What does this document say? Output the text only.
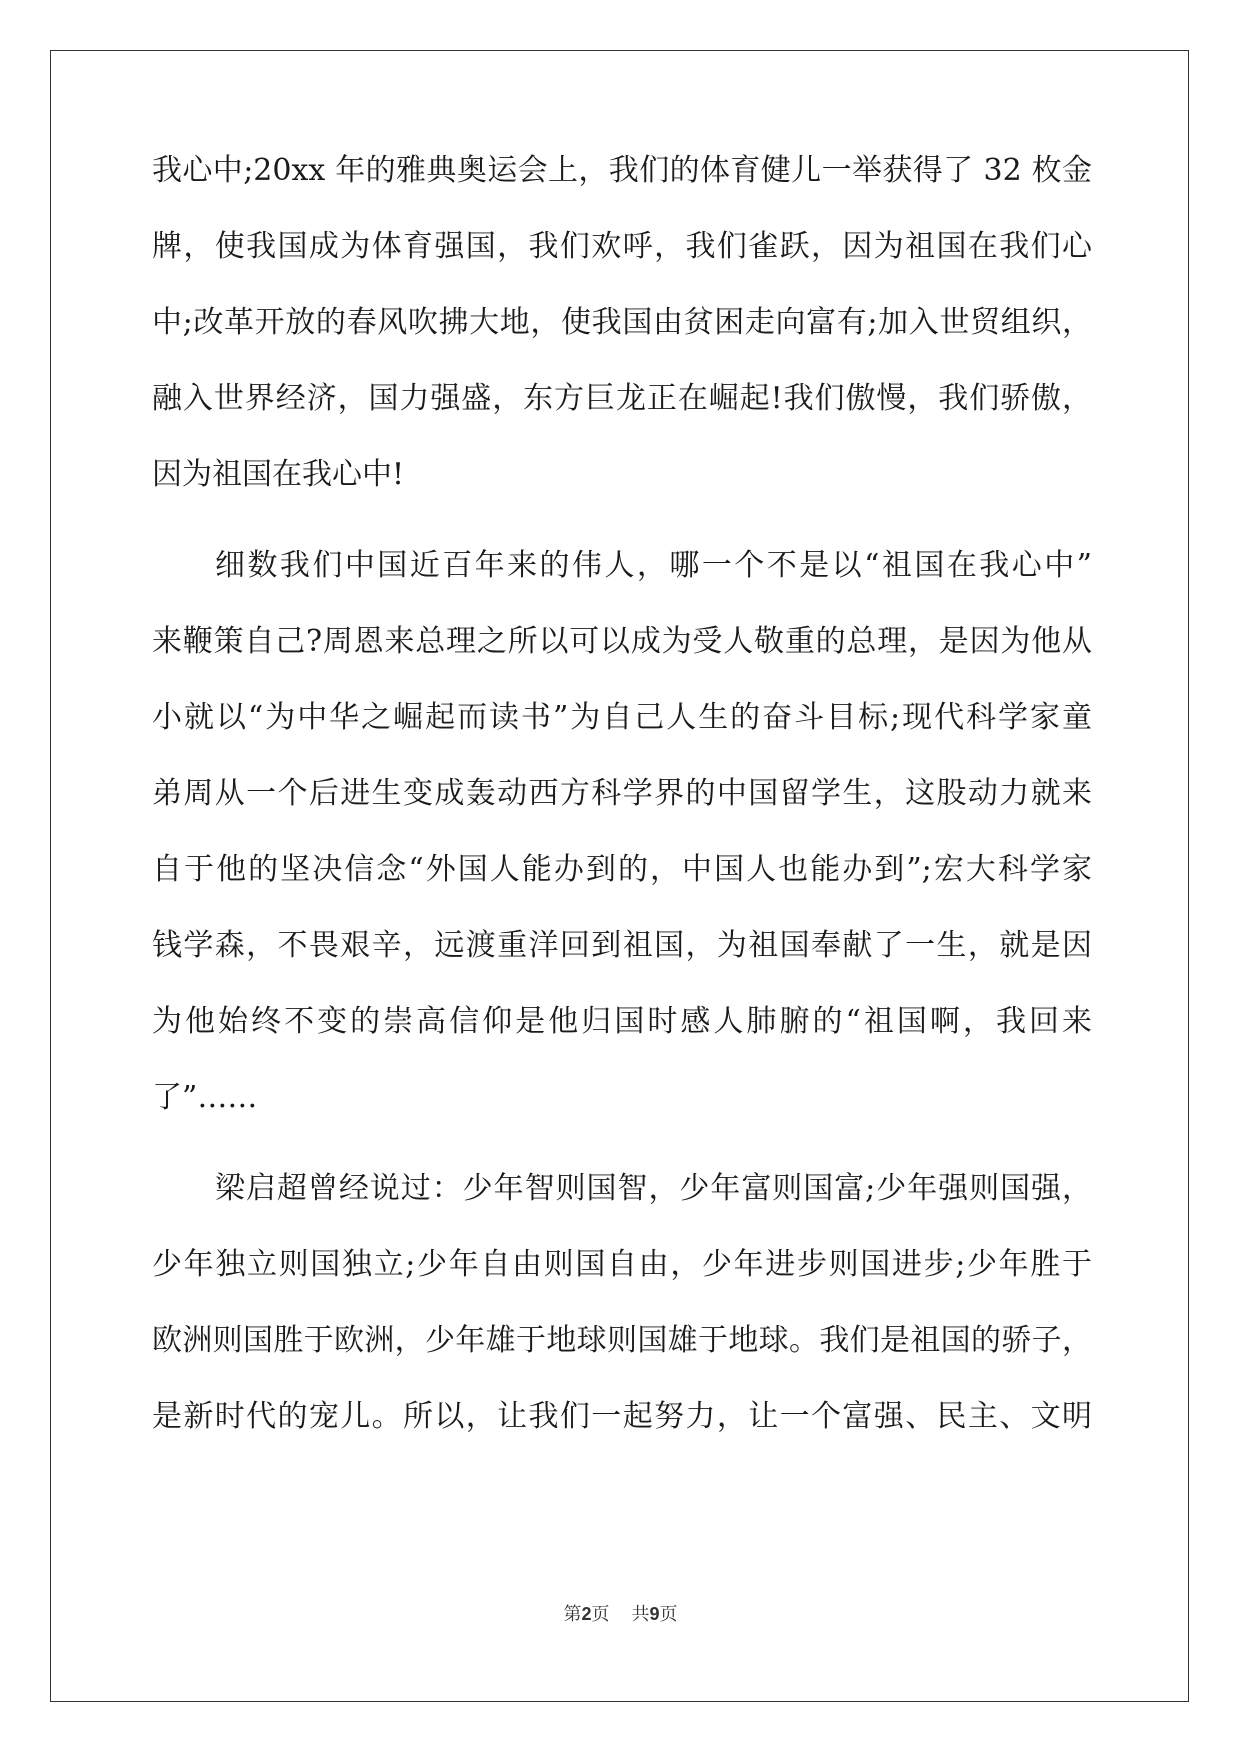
我心中;20xx 年的雅典奥运会上，我们的体育健儿一举获得了 32 枚金
牌，使我国成为体育强国，我们欢呼，我们雀跃，因为祖国在我们心
中;改革开放的春风吹拂大地，使我国由贫困走向富有;加入世贸组织，
融入世界经济，国力强盛，东方巨龙正在崛起!我们傲慢，我们骄傲，
因为祖国在我心中!
细数我们中国近百年来的伟人，哪一个不是以“祖国在我心中”
来鞭策自己?周恩来总理之所以可以成为受人敬重的总理，是因为他从
小就以“为中华之崛起而读书”为自己人生的奋斗目标;现代科学家童
弟周从一个后进生变成轰动西方科学界的中国留学生，这股动力就来
自于他的坚决信念“外国人能办到的，中国人也能办到”;宏大科学家
钱学森，不畏艰辛，远渡重洋回到祖国，为祖国奉献了一生，就是因
为他始终不变的崇高信仰是他归国时感人肺腑的“祖国啊，我回来
了”……
梁启超曾经说过：少年智则国智，少年富则国富;少年强则国强，
少年独立则国独立;少年自由则国自由，少年进步则国进步;少年胜于
欧洲则国胜于欧洲，少年雄于地球则国雄于地球。我们是祖国的骄子，
是新时代的宠儿。所以，让我们一起努力，让一个富强、民主、文明
第2页 共9页
